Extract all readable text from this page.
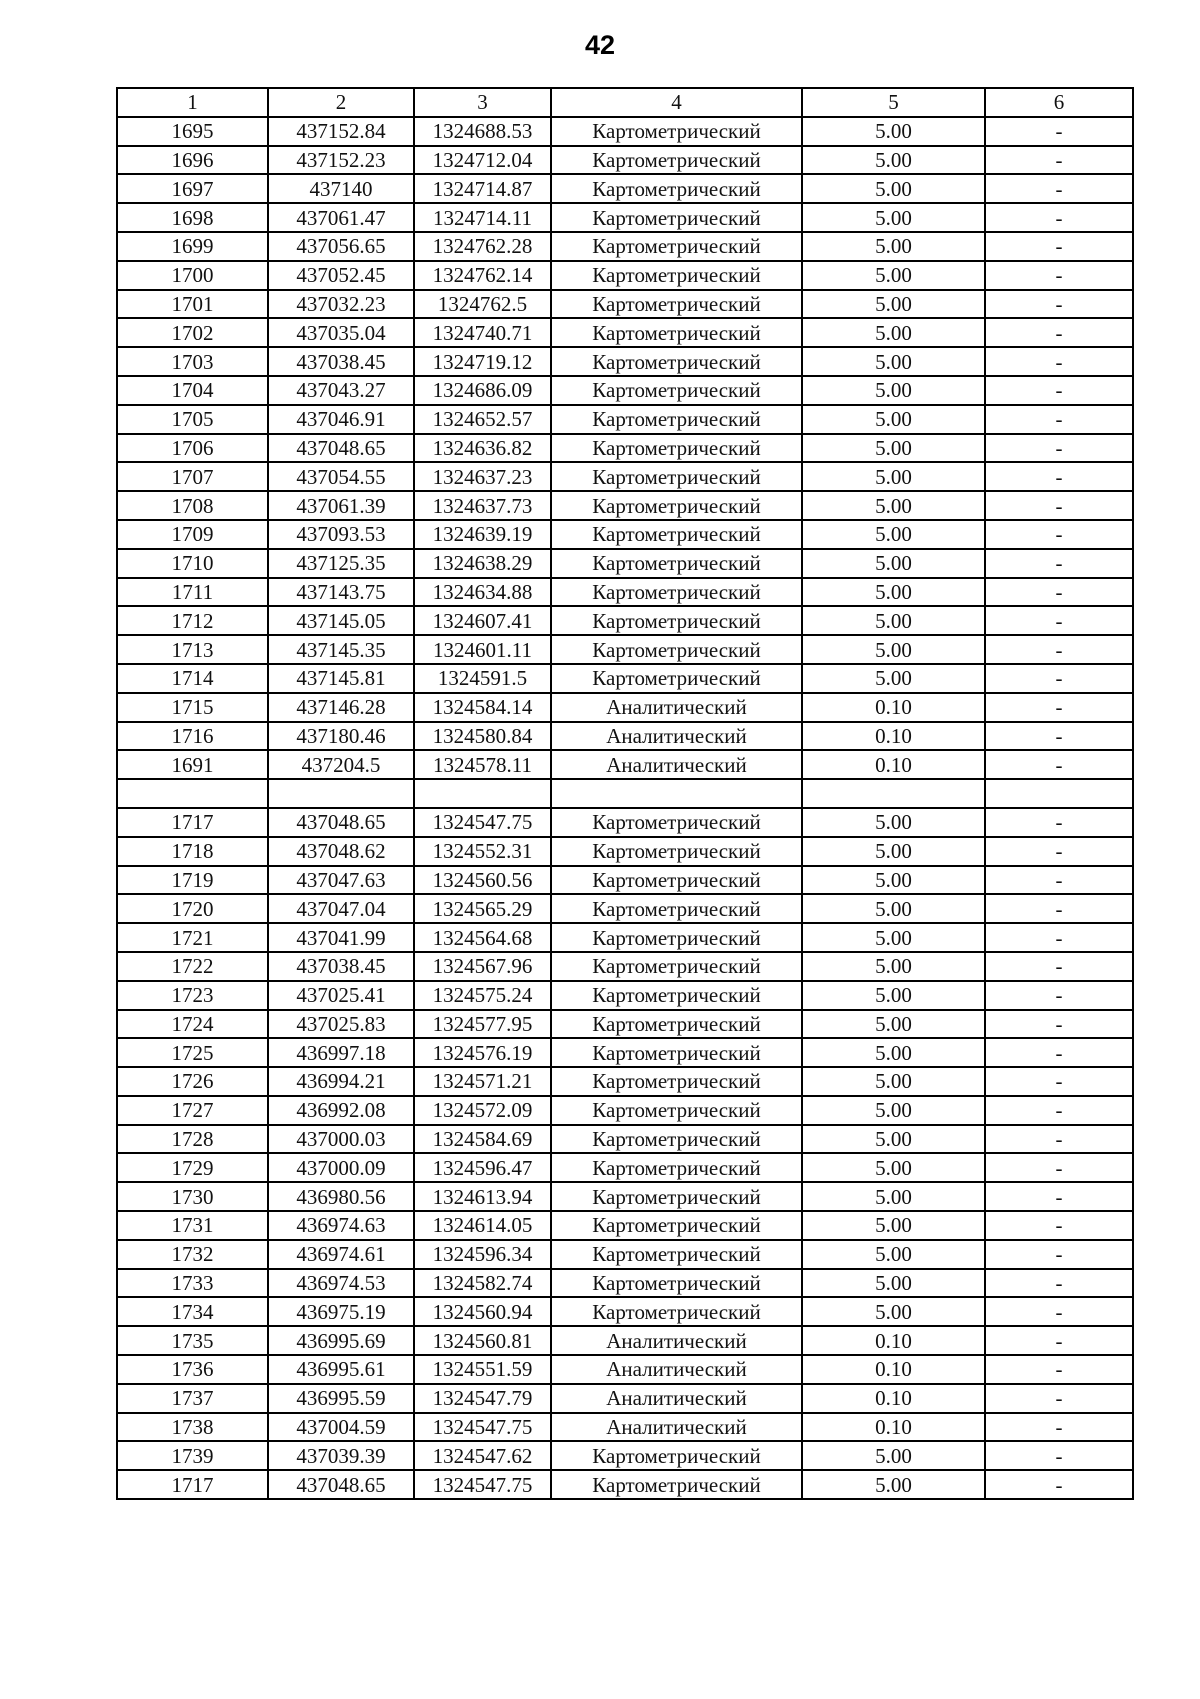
42
1	2	3	4	5	6
1695	437152.84	1324688.53	Картометрический	5.00	-
1696	437152.23	1324712.04	Картометрический	5.00	-
1697	437140	1324714.87	Картометрический	5.00	-
1698	437061.47	1324714.11	Картометрический	5.00	-
1699	437056.65	1324762.28	Картометрический	5.00	-
1700	437052.45	1324762.14	Картометрический	5.00	-
1701	437032.23	1324762.5	Картометрический	5.00	-
1702	437035.04	1324740.71	Картометрический	5.00	-
1703	437038.45	1324719.12	Картометрический	5.00	-
1704	437043.27	1324686.09	Картометрический	5.00	-
1705	437046.91	1324652.57	Картометрический	5.00	-
1706	437048.65	1324636.82	Картометрический	5.00	-
1707	437054.55	1324637.23	Картометрический	5.00	-
1708	437061.39	1324637.73	Картометрический	5.00	-
1709	437093.53	1324639.19	Картометрический	5.00	-
1710	437125.35	1324638.29	Картометрический	5.00	-
1711	437143.75	1324634.88	Картометрический	5.00	-
1712	437145.05	1324607.41	Картометрический	5.00	-
1713	437145.35	1324601.11	Картометрический	5.00	-
1714	437145.81	1324591.5	Картометрический	5.00	-
1715	437146.28	1324584.14	Аналитический	0.10	-
1716	437180.46	1324580.84	Аналитический	0.10	-
1691	437204.5	1324578.11	Аналитический	0.10	-

1717	437048.65	1324547.75	Картометрический	5.00	-
1718	437048.62	1324552.31	Картометрический	5.00	-
1719	437047.63	1324560.56	Картометрический	5.00	-
1720	437047.04	1324565.29	Картометрический	5.00	-
1721	437041.99	1324564.68	Картометрический	5.00	-
1722	437038.45	1324567.96	Картометрический	5.00	-
1723	437025.41	1324575.24	Картометрический	5.00	-
1724	437025.83	1324577.95	Картометрический	5.00	-
1725	436997.18	1324576.19	Картометрический	5.00	-
1726	436994.21	1324571.21	Картометрический	5.00	-
1727	436992.08	1324572.09	Картометрический	5.00	-
1728	437000.03	1324584.69	Картометрический	5.00	-
1729	437000.09	1324596.47	Картометрический	5.00	-
1730	436980.56	1324613.94	Картометрический	5.00	-
1731	436974.63	1324614.05	Картометрический	5.00	-
1732	436974.61	1324596.34	Картометрический	5.00	-
1733	436974.53	1324582.74	Картометрический	5.00	-
1734	436975.19	1324560.94	Картометрический	5.00	-
1735	436995.69	1324560.81	Аналитический	0.10	-
1736	436995.61	1324551.59	Аналитический	0.10	-
1737	436995.59	1324547.79	Аналитический	0.10	-
1738	437004.59	1324547.75	Аналитический	0.10	-
1739	437039.39	1324547.62	Картометрический	5.00	-
1717	437048.65	1324547.75	Картометрический	5.00	-
